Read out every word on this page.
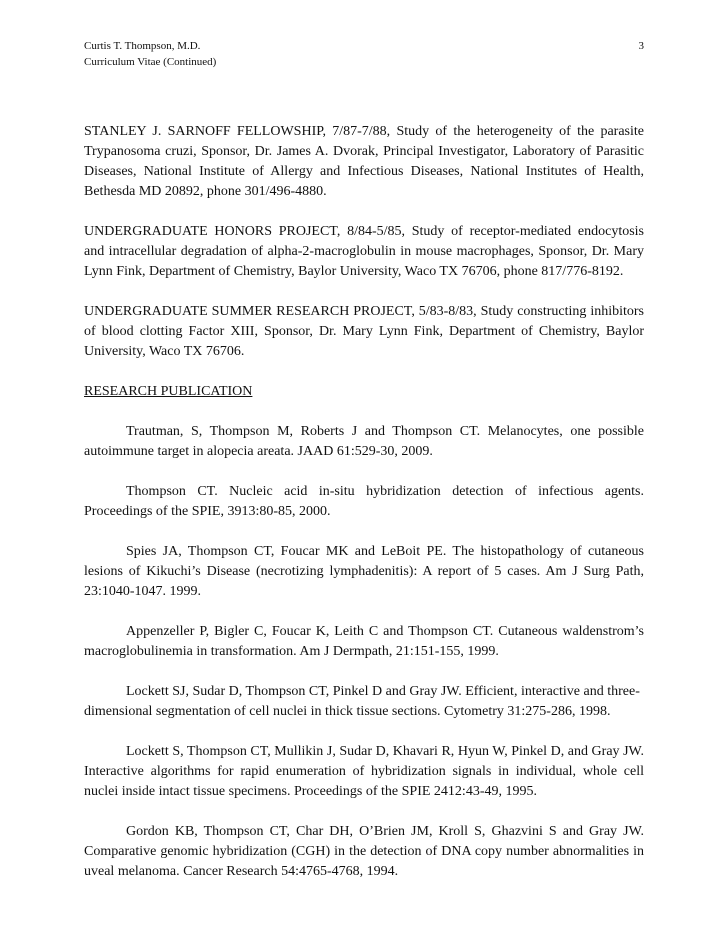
Curtis T. Thompson, M.D.
Curriculum Vitae (Continued)
3

STANLEY J. SARNOFF FELLOWSHIP, 7/87-7/88, Study of the heterogeneity of the parasite Trypanosoma cruzi, Sponsor, Dr. James A. Dvorak, Principal Investigator, Laboratory of Parasitic Diseases, National Institute of Allergy and Infectious Diseases, National Institutes of Health, Bethesda MD 20892, phone 301/496-4880.

UNDERGRADUATE HONORS PROJECT, 8/84-5/85, Study of receptor-mediated endocytosis and intracellular degradation of alpha-2-macroglobulin in mouse macrophages, Sponsor, Dr. Mary Lynn Fink, Department of Chemistry, Baylor University, Waco TX 76706, phone 817/776-8192.

UNDERGRADUATE SUMMER RESEARCH PROJECT, 5/83-8/83, Study constructing inhibitors of blood clotting Factor XIII, Sponsor, Dr. Mary Lynn Fink, Department of Chemistry, Baylor University, Waco TX 76706.

RESEARCH PUBLICATION

Trautman, S, Thompson M, Roberts J and Thompson CT. Melanocytes, one possible autoimmune target in alopecia areata. JAAD 61:529-30, 2009.

Thompson CT. Nucleic acid in-situ hybridization detection of infectious agents. Proceedings of the SPIE, 3913:80-85, 2000.

Spies JA, Thompson CT, Foucar MK and LeBoit PE. The histopathology of cutaneous lesions of Kikuchi’s Disease (necrotizing lymphadenitis): A report of 5 cases. Am J Surg Path, 23:1040-1047. 1999.

Appenzeller P, Bigler C, Foucar K, Leith C and Thompson CT. Cutaneous waldenstrom’s macroglobulinemia in transformation. Am J Dermpath, 21:151-155, 1999.

Lockett SJ, Sudar D, Thompson CT, Pinkel D and Gray JW. Efficient, interactive and three-dimensional segmentation of cell nuclei in thick tissue sections. Cytometry 31:275-286, 1998.

Lockett S, Thompson CT, Mullikin J, Sudar D, Khavari R, Hyun W, Pinkel D, and Gray JW. Interactive algorithms for rapid enumeration of hybridization signals in individual, whole cell nuclei inside intact tissue specimens. Proceedings of the SPIE 2412:43-49, 1995.

Gordon KB, Thompson CT, Char DH, O’Brien JM, Kroll S, Ghazvini S and Gray JW. Comparative genomic hybridization (CGH) in the detection of DNA copy number abnormalities in uveal melanoma. Cancer Research 54:4765-4768, 1994.
